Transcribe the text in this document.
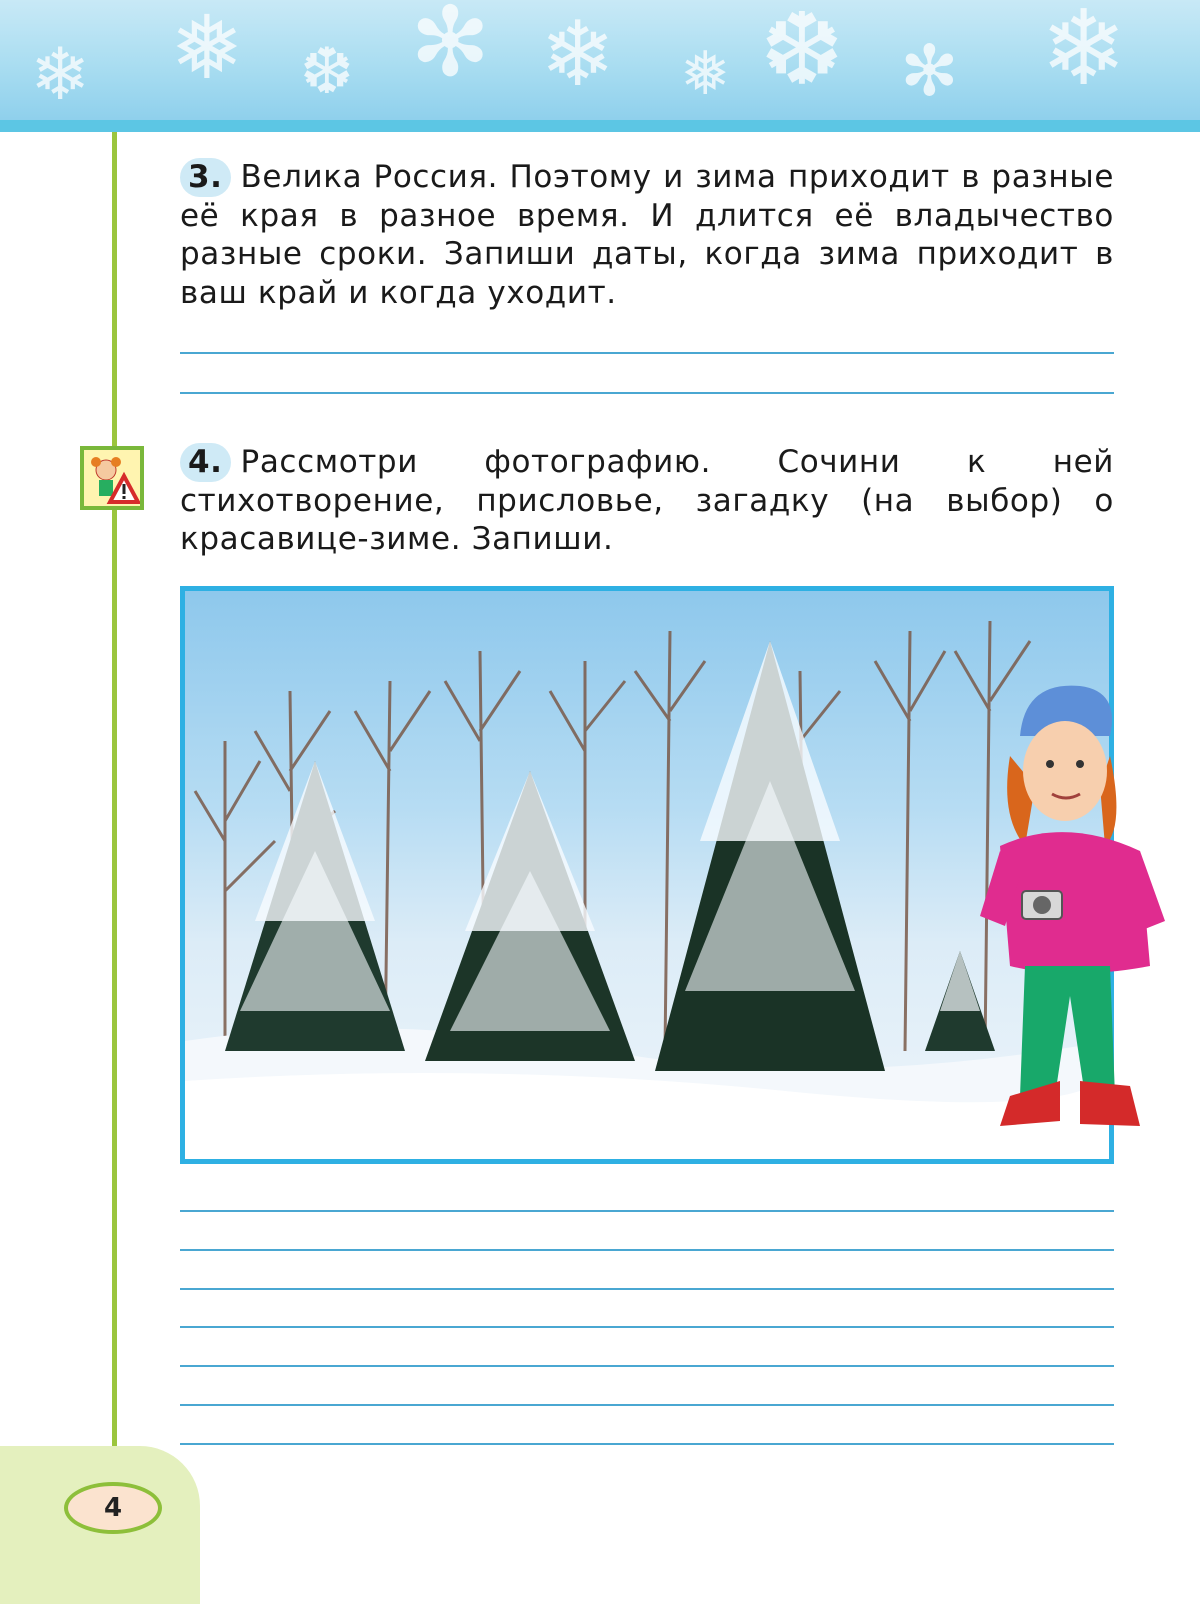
❄ ❅ ❆ ✻ ❄ ❅ ❆ ✻ ❄
4

3. Велика Россия. Поэтому и зима приходит в разные её края в разное время. И длится её владычество разные сроки. Запиши даты, когда зима приходит в ваш край и когда уходит.

4. Рассмотри фотографию. Сочини к ней стихотворение, присловье, загадку (на выбор) о красавице-зиме. Запиши.
